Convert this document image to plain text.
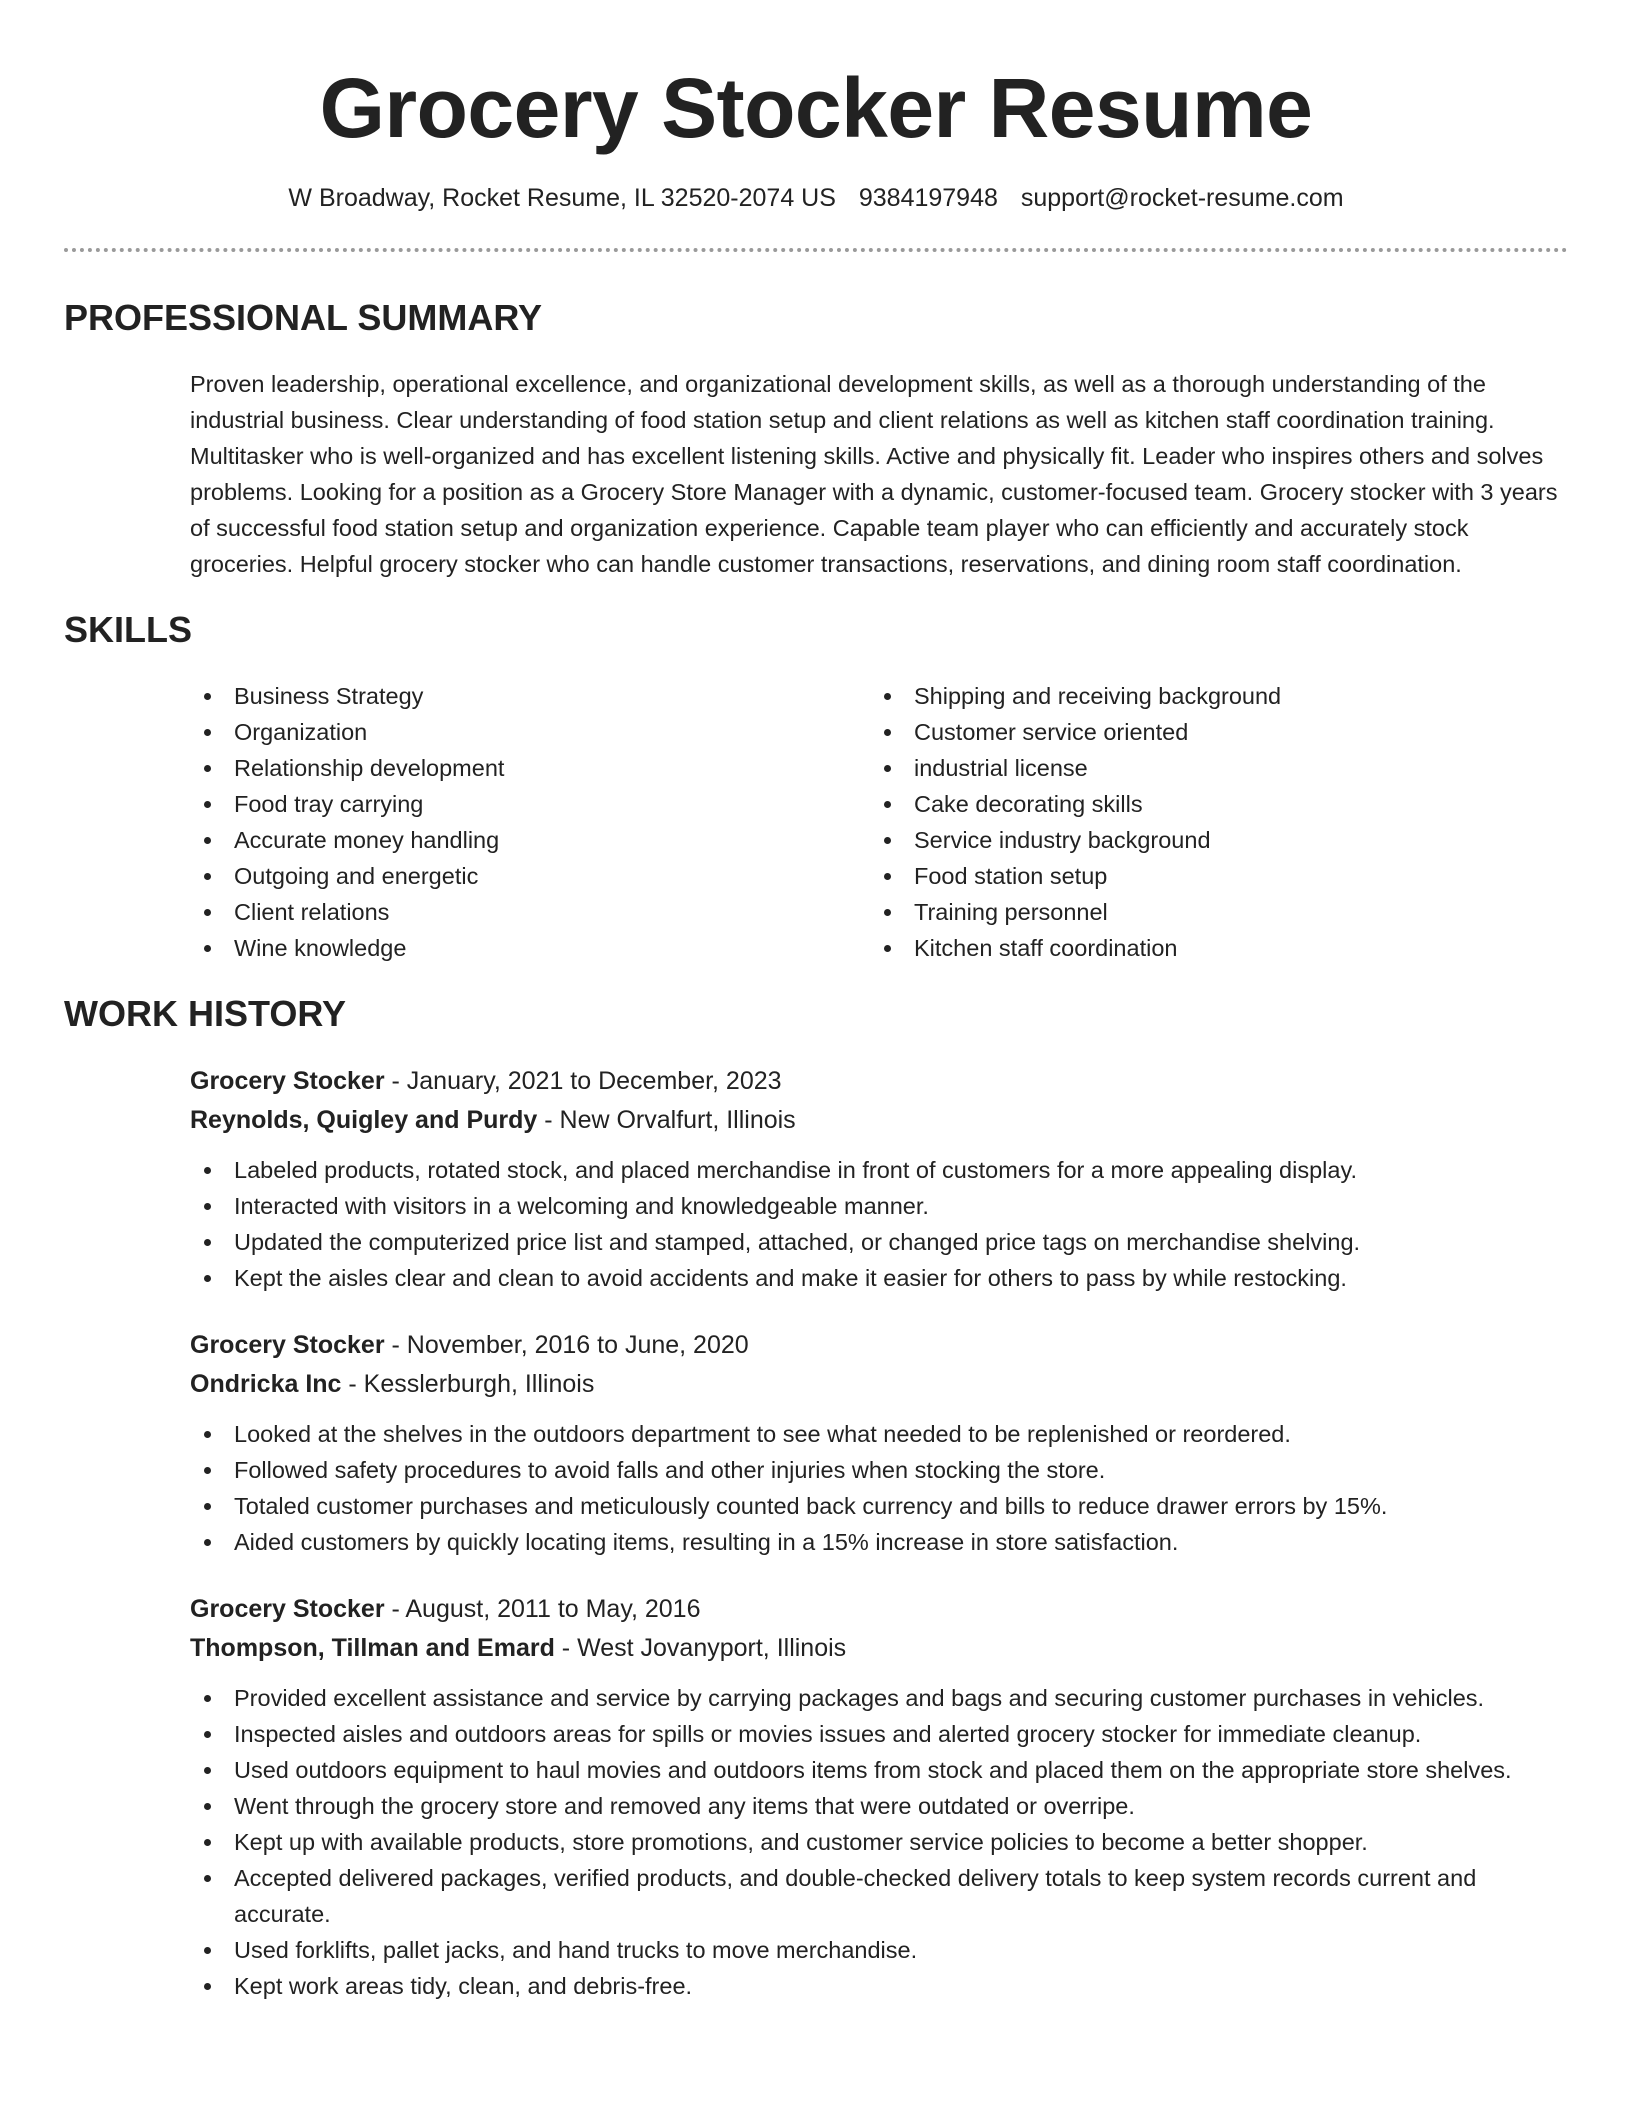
Grocery Stocker Resume
W Broadway, Rocket Resume, IL 32520-2074 US 9384197948 support@rocket-resume.com
PROFESSIONAL SUMMARY

Proven leadership, operational excellence, and organizational development skills, as well as a thorough understanding of the industrial business. Clear understanding of food station setup and client relations as well as kitchen staff coordination training. Multitasker who is well-organized and has excellent listening skills. Active and physically fit. Leader who inspires others and solves problems. Looking for a position as a Grocery Store Manager with a dynamic, customer-focused team. Grocery stocker with 3 years of successful food station setup and organization experience. Capable team player who can efficiently and accurately stock groceries. Helpful grocery stocker who can handle customer transactions, reservations, and dining room staff coordination.

SKILLS
Business Strategy
Organization
Relationship development
Food tray carrying
Accurate money handling
Outgoing and energetic
Client relations
Wine knowledge
Shipping and receiving background
Customer service oriented
industrial license
Cake decorating skills
Service industry background
Food station setup
Training personnel
Kitchen staff coordination
WORK HISTORY
Grocery Stocker - January, 2021 to December, 2023
Reynolds, Quigley and Purdy - New Orvalfurt, Illinois
Labeled products, rotated stock, and placed merchandise in front of customers for a more appealing display.
Interacted with visitors in a welcoming and knowledgeable manner.
Updated the computerized price list and stamped, attached, or changed price tags on merchandise shelving.
Kept the aisles clear and clean to avoid accidents and make it easier for others to pass by while restocking.
Grocery Stocker - November, 2016 to June, 2020
Ondricka Inc - Kesslerburgh, Illinois
Looked at the shelves in the outdoors department to see what needed to be replenished or reordered.
Followed safety procedures to avoid falls and other injuries when stocking the store.
Totaled customer purchases and meticulously counted back currency and bills to reduce drawer errors by 15%.
Aided customers by quickly locating items, resulting in a 15% increase in store satisfaction.
Grocery Stocker - August, 2011 to May, 2016
Thompson, Tillman and Emard - West Jovanyport, Illinois
Provided excellent assistance and service by carrying packages and bags and securing customer purchases in vehicles.
Inspected aisles and outdoors areas for spills or movies issues and alerted grocery stocker for immediate cleanup.
Used outdoors equipment to haul movies and outdoors items from stock and placed them on the appropriate store shelves.
Went through the grocery store and removed any items that were outdated or overripe.
Kept up with available products, store promotions, and customer service policies to become a better shopper.
Accepted delivered packages, verified products, and double-checked delivery totals to keep system records current and accurate.
Used forklifts, pallet jacks, and hand trucks to move merchandise.
Kept work areas tidy, clean, and debris-free.
